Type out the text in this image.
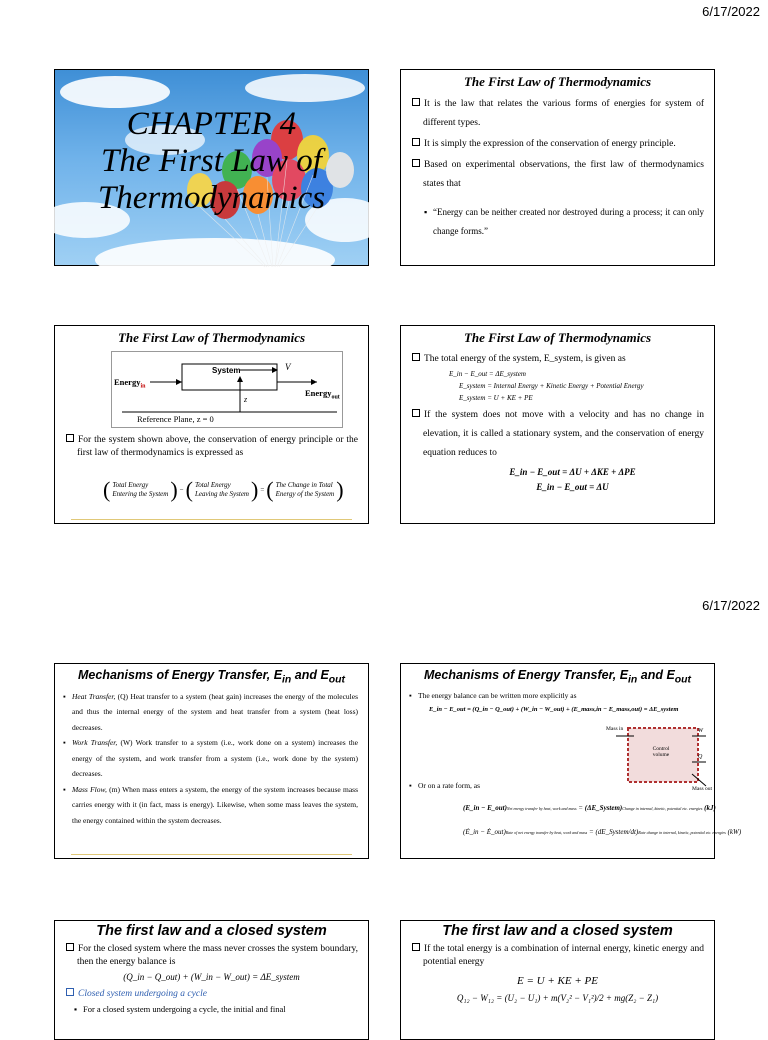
6/17/2022
6/17/2022
CHAPTER 4
The First Law of
Thermodynamics
The First Law of Thermodynamics

It is the law that relates the various forms of energies for system of different types.

It is simply the expression of the conservation of energy principle.

Based on experimental observations, the first law of thermodynamics states that

▪ “Energy can be neither created nor destroyed during a process; it can only change forms.”

The First Law of Thermodynamics
System
Energy$_{in}$
Energy$_{out}$
V
z
Reference Plane, z = 0

For the system shown above, the conservation of energy principle or the first law of thermodynamics is expressed as

( Total Energy
Entering the System ) − ( Total Energy
Leaving the System ) = ( The Change in Total
Energy of the System )
The First Law of Thermodynamics

The total energy of the system, E_system, is given as

E_in − E_out = ΔE_system
E_system = Internal Energy + Kinetic Energy + Potential Energy
E_system = U + KE + PE

If the system does not move with a velocity and has no change in elevation, it is called a stationary system, and the conservation of energy equation reduces to

E_in − E_out = ΔU + ΔKE + ΔPE
E_in − E_out = ΔU
Mechanisms of Energy Transfer, $E_{in}$ and $E_{out}$

▪ Heat Transfer, (Q) Heat transfer to a system (heat gain) increases the energy of the molecules and thus the internal energy of the system and heat transfer from a system (heat loss) decreases.

▪ Work Transfer, (W) Work transfer to a system (i.e., work done on a system) increases the energy of the system, and work transfer from a system (i.e., work done by the system) decreases.

▪ Mass Flow, (m) When mass enters a system, the energy of the system increases because mass carries energy with it (in fact, mass is energy). Likewise, when some mass leaves the system, the energy contained within the system decreases.

Mechanisms of Energy Transfer, $E_{in}$ and $E_{out}$

▪ The energy balance can be written more explicitly as

E_in − E_out = (Q_in − Q_out) + (W_in − W_out) + (E_mass,in − E_mass,out) = ΔE_system
Mass in
Control volume
W
Q
Mass out

▪ Or on a rate form, as

(E_in − E_out)Net energy transfer by heat, work and mass = (ΔE_System)Change in internal, kinetic, potential etc. energies (kJ)
(Ė_in − Ė_out)Rate of net energy transfer by heat, work and mass = (dE_System/dt)Rate change in internal, kinetic, potential etc. energies (kW)
The first law and a closed system

For the closed system where the mass never crosses the system boundary, then the energy balance is

(Q_in − Q_out) + (W_in − W_out) = ΔE_system

Closed system undergoing a cycle

▪ For a closed system undergoing a cycle, the initial and final

The first law and a closed system

If the total energy is a combination of internal energy, kinetic energy and potential energy

E = U + KE + PE
Q₁₂ − W₁₂ = (U₂ − U₁) + m(V₂² − V₁²)/2 + mg(Z₂ − Z₁)
